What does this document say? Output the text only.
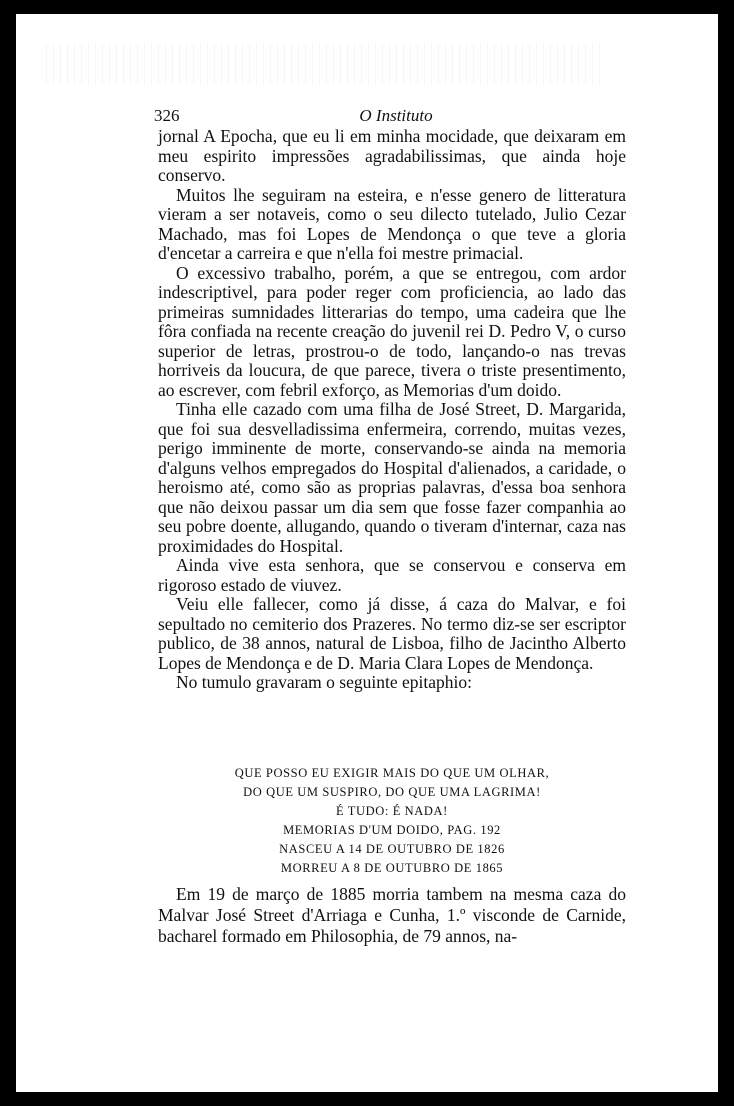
326	O Instituto

jornal A Epocha, que eu li em minha mocidade, que deixaram em meu espirito impressões agradabilissimas, que ainda hoje conservo.

Muitos lhe seguiram na esteira, e n'esse genero de litteratura vieram a ser notaveis, como o seu dilecto tutelado, Julio Cezar Machado, mas foi Lopes de Mendonça o que teve a gloria d'encetar a carreira e que n'ella foi mestre primacial.

O excessivo trabalho, porém, a que se entregou, com ardor indescriptivel, para poder reger com proficiencia, ao lado das primeiras sumnidades litterarias do tempo, uma cadeira que lhe fôra confiada na recente creação do juvenil rei D. Pedro V, o curso superior de letras, prostrou-o de todo, lançando-o nas trevas horriveis da loucura, de que parece, tivera o triste presentimento, ao escrever, com febril exforço, as Memorias d'um doido.

Tinha elle cazado com uma filha de José Street, D. Margarida, que foi sua desvelladissima enfermeira, correndo, muitas vezes, perigo imminente de morte, conservando-se ainda na memoria d'alguns velhos empregados do Hospital d'alienados, a caridade, o heroismo até, como são as proprias palavras, d'essa boa senhora que não deixou passar um dia sem que fosse fazer companhia ao seu pobre doente, allugando, quando o tiveram d'internar, caza nas proximidades do Hospital.

Ainda vive esta senhora, que se conservou e conserva em rigoroso estado de viuvez.

Veiu elle fallecer, como já disse, á caza do Malvar, e foi sepultado no cemiterio dos Prazeres. No termo diz-se ser escriptor publico, de 38 annos, natural de Lisboa, filho de Jacintho Alberto Lopes de Mendonça e de D. Maria Clara Lopes de Mendonça.

No tumulo gravaram o seguinte epitaphio:

QUE POSSO EU EXIGIR MAIS DO QUE UM OLHAR,
DO QUE UM SUSPIRO, DO QUE UMA LAGRIMA!
É TUDO: É NADA!
MEMORIAS D'UM DOIDO, PAG. 192
NASCEU A 14 DE OUTUBRO DE 1826
MORREU A 8 DE OUTUBRO DE 1865

Em 19 de março de 1885 morria tambem na mesma caza do Malvar José Street d'Arriaga e Cunha, 1.º visconde de Carnide, bacharel formado em Philosophia, de 79 annos, na-
